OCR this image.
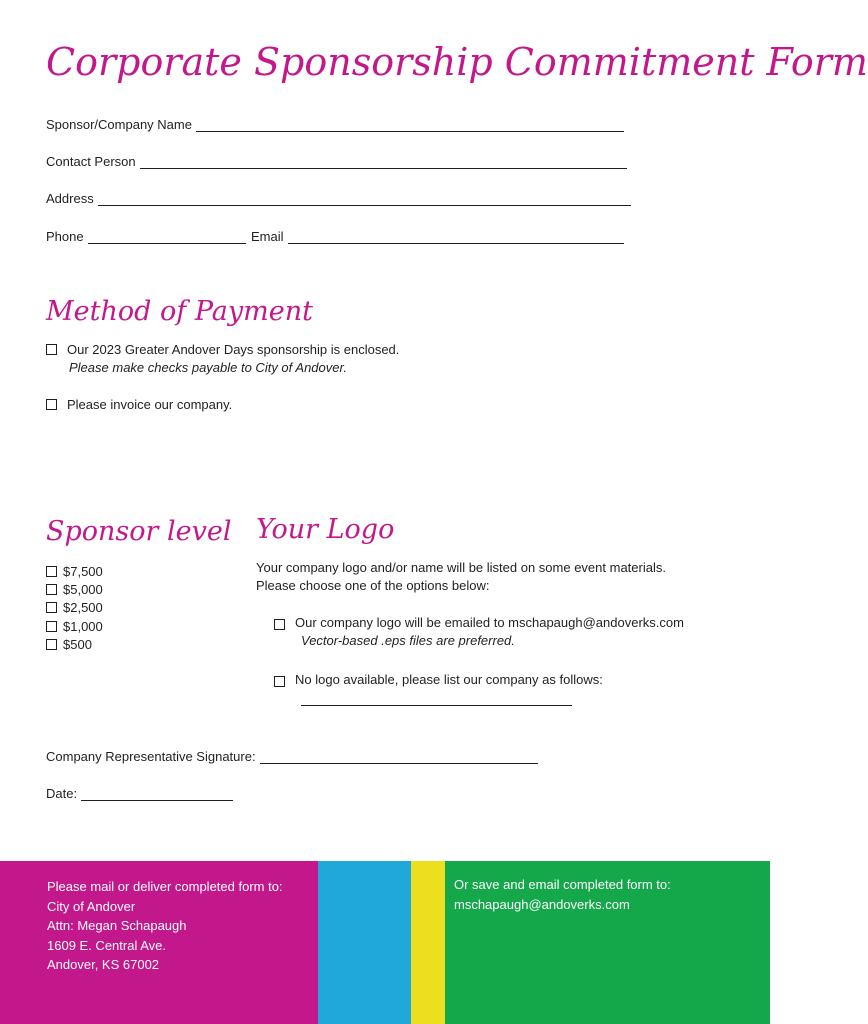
Corporate Sponsorship Commitment Form
Sponsor/Company Name
Contact Person
Address
Phone	Email
Method of Payment
Our 2023 Greater Andover Days sponsorship is enclosed.
Please make checks payable to City of Andover.
Please invoice our company.
Sponsor level
$7,500
$5,000
$2,500
$1,000
$500
Your Logo
Your company logo and/or name will be listed on some event materials.
Please choose one of the options below:
Our company logo will be emailed to mschapaugh@andoverks.com
Vector-based .eps files are preferred.
No logo available, please list our company as follows:
Company Representative Signature:
Date:
Please mail or deliver completed form to:
City of Andover
Attn: Megan Schapaugh
1609 E. Central Ave.
Andover, KS 67002
Or save and email completed form to:
mschapaugh@andoverks.com
